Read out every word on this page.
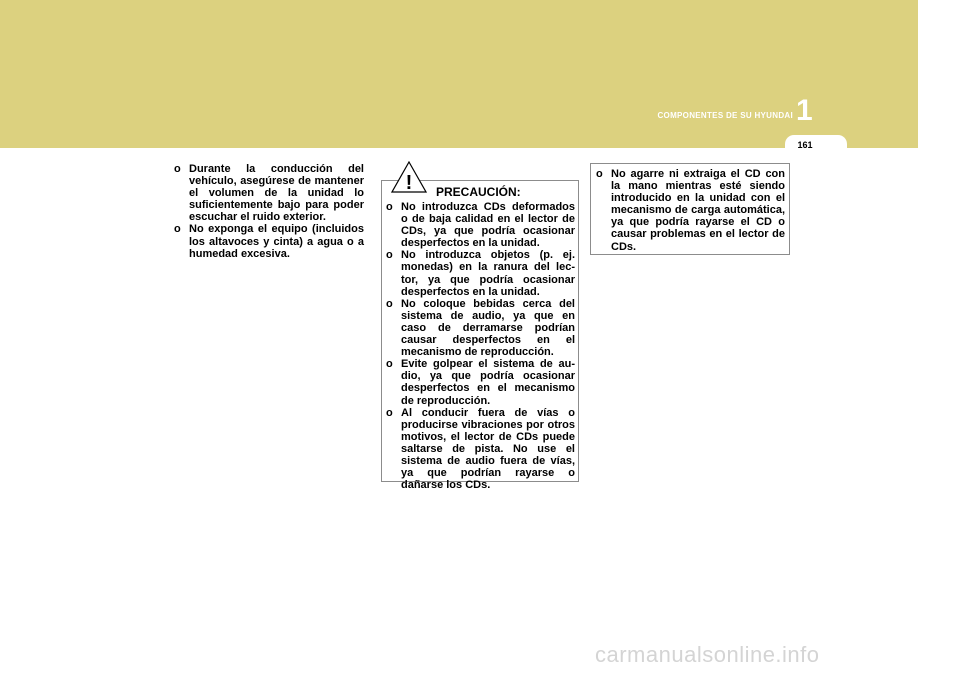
COMPONENTES DE SU HYUNDAI 1
161

o Durante la conducción del vehículo, asegúrese de mantener el volumen de la unidad lo suficientemente bajo para poder escuchar el ruido exterior.

o No exponga el equipo (incluidos los altavoces y cinta) a agua o a humedad excesiva.

! PRECAUCIÓN:

o No introduzca CDs deformados o de baja calidad en el lector de CDs, ya que podría ocasionar desperfectos en la unidad.

o No introduzca objetos (p. ej. monedas) en la ranura del lec-tor, ya que podría ocasionar desperfectos en la unidad.

o No coloque bebidas cerca del sistema de audio, ya que en caso de derramarse podrían causar desperfectos en el mecanismo de reproducción.

o Evite golpear el sistema de au-dio, ya que podría ocasionar desperfectos en el mecanismo de reproducción.

o Al conducir fuera de vías o producirse vibraciones por otros motivos, el lector de CDs puede saltarse de pista. No use el sistema de audio fuera de vías, ya que podrían rayarse o dañarse los CDs.

o No agarre ni extraiga el CD con la mano mientras esté siendo introducido en la unidad con el mecanismo de carga automática, ya que podría rayarse el CD o causar problemas en el lector de CDs.

carmanualsonline.info
